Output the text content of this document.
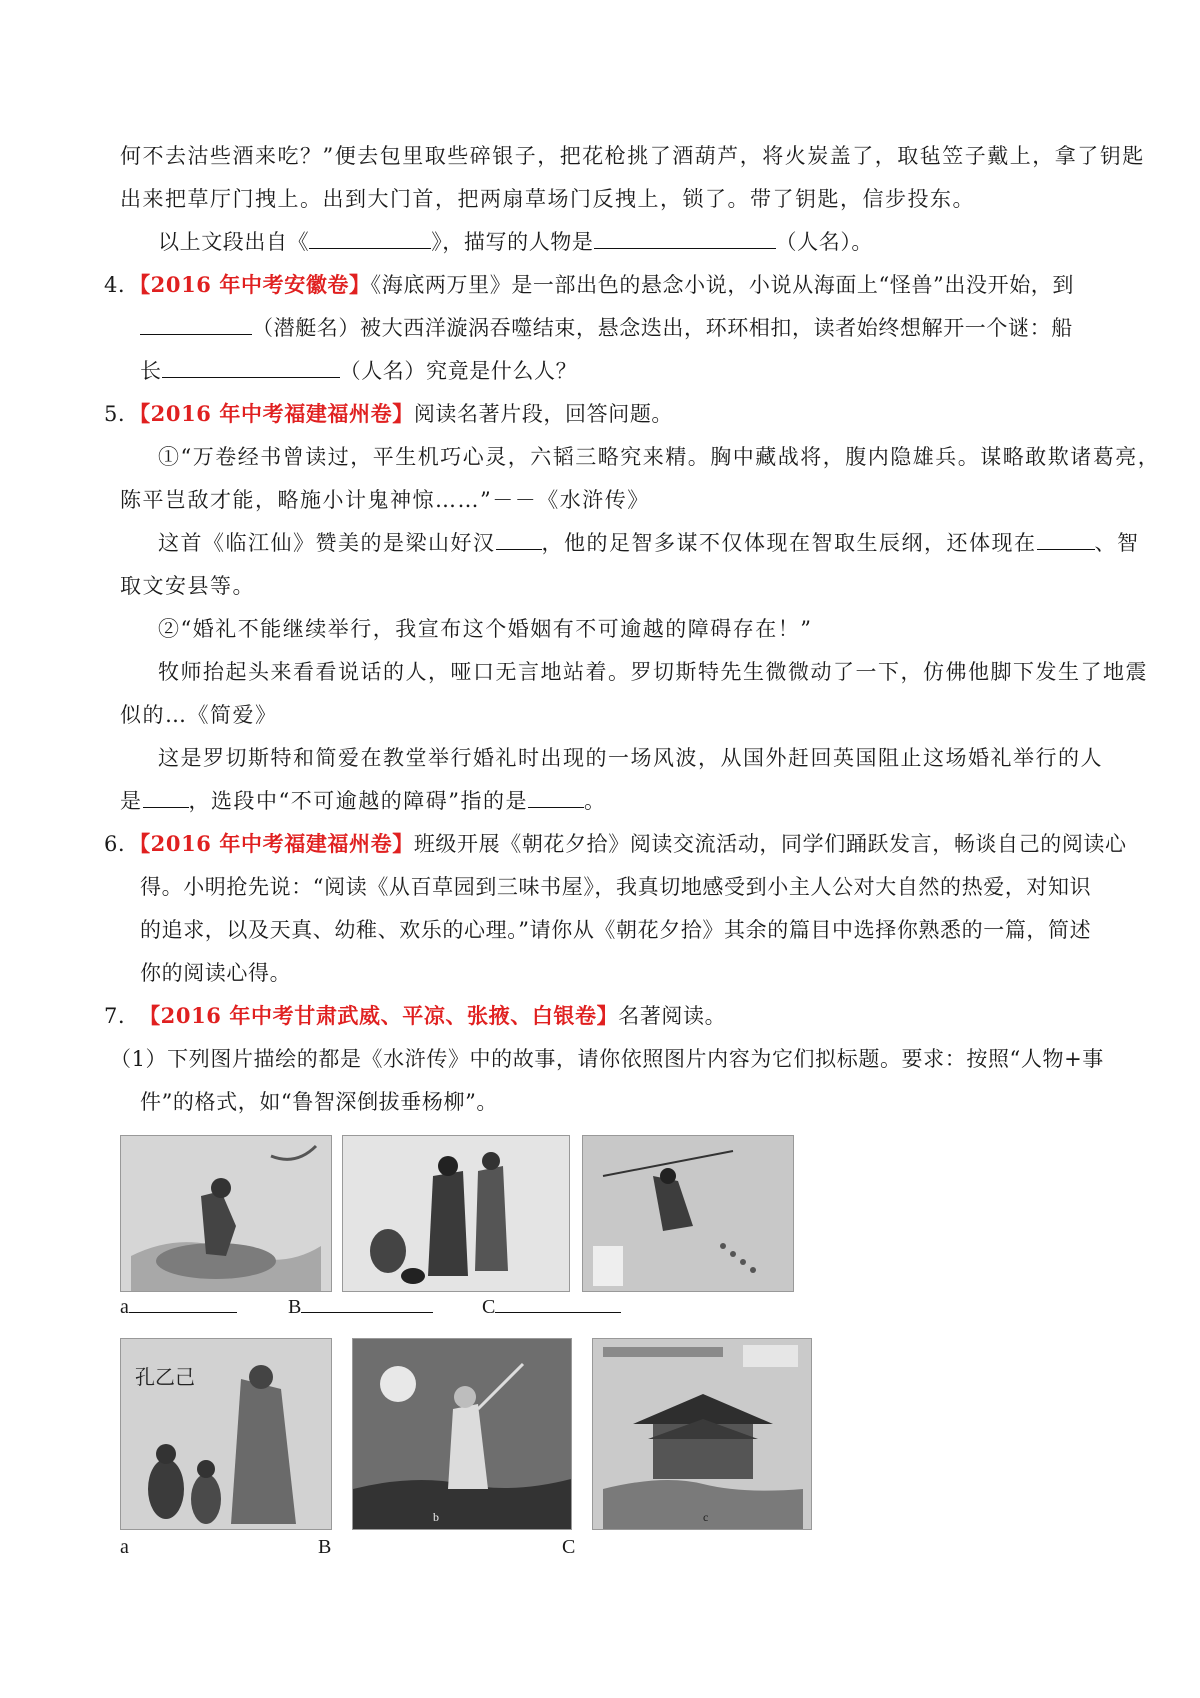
何不去沽些酒来吃？”便去包里取些碎银子，把花枪挑了酒葫芦，将火炭盖了，取毡笠子戴上，拿了钥匙
出来把草厅门拽上。出到大门首，把两扇草场门反拽上，锁了。带了钥匙，信步投东。
以上文段出自《	》，描写的人物是	（人名）。
4．【2016 年中考安徽卷】《海底两万里》是一部出色的悬念小说，小说从海面上“怪兽”出没开始，到
（潜艇名）被大西洋漩涡吞噬结束，悬念迭出，环环相扣，读者始终想解开一个谜：船
长	（人名）究竟是什么人？
5．【2016 年中考福建福州卷】阅读名著片段，回答问题。
①“万卷经书曾读过，平生机巧心灵，六韬三略究来精。胸中藏战将，腹内隐雄兵。谋略敢欺诸葛亮，
陈平岂敌才能，略施小计鬼神惊……”－－《水浒传》
这首《临江仙》赞美的是梁山好汉 ，他的足智多谋不仅体现在智取生辰纲，还体现在	、智
取文安县等。
②“婚礼不能继续举行，我宣布这个婚姻有不可逾越的障碍存在！”
牧师抬起头来看看说话的人，哑口无言地站着。罗切斯特先生微微动了一下，仿佛他脚下发生了地震
似的…《简爱》
这是罗切斯特和简爱在教堂举行婚礼时出现的一场风波，从国外赶回英国阻止这场婚礼举行的人
是 ，选段中“不可逾越的障碍”指的是	。
6．【2016 年中考福建福州卷】班级开展《朝花夕拾》阅读交流活动，同学们踊跃发言，畅谈自己的阅读心
得。小明抢先说：“阅读《从百草园到三味书屋》，我真切地感受到小主人公对大自然的热爱，对知识
的追求，以及天真、幼稚、欢乐的心理。”请你从《朝花夕拾》其余的篇目中选择你熟悉的一篇，简述
你的阅读心得。
7． 【2016 年中考甘肃武威、平凉、张掖、白银卷】名著阅读。
（1）下列图片描绘的都是《水浒传》中的故事，请你依照图片内容为它们拟标题。要求：按照“人物+事
件”的格式，如“鲁智深倒拔垂杨柳”。
a	B	C
孔乙己
b	c
a	B	C
